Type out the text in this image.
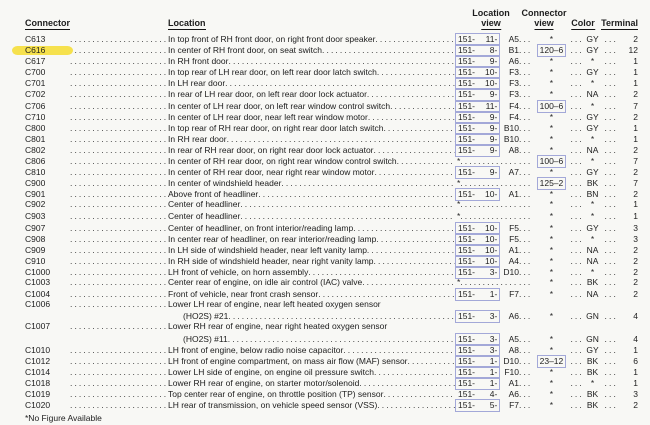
Connector	Location
Location
view
Connector
view Color Terminal
C613 .....	In top front of RH front door, on right front door speaker .....	151- 11-	A5 .....	* .....	GY .....	2
C616 .....	In center of RH front door, on seat switch .....	151- 8-	B1 .....	120–6 .....	GY .....	12
C617 .....	In RH front door .....	151- 9-	A6 .....	* .....	* .....	1
C700 .....	In top rear of LH rear door, on left rear door latch switch .....	151- 10-	F3 .....	* .....	GY .....	1
C701 .....	In LH rear door .....	151- 10-	F3 .....	* .....	* .....	1
C702 .....	In rear of LH rear door, on left rear door lock actuator .....	151- 9-	F3 .....	* .....	NA .....	2
C706 .....	In center of LH rear door, on left rear window control switch .....	151- 11-	F4 .....	100–6 .....	* .....	7
C710 .....	In center of LH rear door, near left rear window motor .....	151- 9-	F4 .....	* .....	GY .....	2
C800 .....	In top rear of RH rear door, on right rear door latch switch .....	151- 9- B10 .....	* .....	GY .....	1
C801 .....	In RH rear door .....	151- 9- B10 .....	* .....	* .....	1
C802 .....	In rear of RH rear door, on right rear door lock actuator .....	151- 9-	A8 .....	* .....	NA .....	2
C806 .....	In center of RH rear door, on right rear window control switch .....	* ..... .....	100–6 .....	* .....	7
C810 .....	In center of RH rear door, near right rear window motor .....	151- 9-	A7 .....	* .....	GY .....	2
C900 .....	In center of windshield header .....	* ..... .....	125–2 .....	BK .....	7
C901 .....	Above front of headliner .....	151- 10-	A1 .....	* .....	BN .....	2
C902 .....	Center of headliner .....	* ..... .....	* .....	* .....	1
C903 .....	Center of headliner .....	* ..... .....	* .....	* .....	1
C907 .....	Center of headliner, on front interior/reading lamp .....	151- 10-	F5 .....	* .....	GY .....	3
C908 .....	In center rear of headliner, on rear interior/reading lamp .....	151- 10-	F5 .....	* .....	* .....	3
C909 .....	In LH side of windshield header, near left vanity lamp .....	151- 10-	A1 .....	* .....	NA .....	2
C910 .....	In RH side of windshield header, near right vanity lamp .....	151- 10-	A4 .....	* .....	NA .....	2
C1000 .....	LH front of vehicle, on horn assembly .....	151- 3- D10 .....	* .....	* .....	2
C1003 .....	Center rear of engine, on idle air control (IAC) valve .....	* ..... .....	* .....	BK .....	2
C1004 .....	Front of vehicle, near front crash sensor .....	151- 1-	F7 .....	* .....	NA .....	2
C1006 .....	Lower LH rear of engine, near left heated oxygen sensor
(HO2S) #21 .....	151- 3-	A6 .....	* .....	GN .....	4
C1007 .....	Lower RH rear of engine, near right heated oxygen sensor
(HO2S) #11 .....	151- 3-	A5 .....	* .....	GN .....	4
C1010 .....	LH front of engine, below radio noise capacitor .....	151- 3-	A8 .....	* .....	GY .....	1
C1012 .....	LH front of engine compartment, on mass air flow (MAF) sensor .....	151- 1- D10 .....	23–12 .....	BK .....	6
C1014 .....	Lower LH side of engine, on engine oil pressure switch .....	151- 1- F10 .....	* .....	BK .....	1
C1018 .....	Lower RH rear of engine, on starter motor/solenoid .....	151- 1-	A1 .....	* .....	* .....	1
C1019 .....	Top center rear of engine, on throttle position (TP) sensor .....	151- 4-	A6 .....	* .....	BK .....	3
C1020 .....	LH rear of transmission, on vehicle speed sensor (VSS) .....	151- 5-	F7 .....	* .....	BK .....	2
*No Figure Available
